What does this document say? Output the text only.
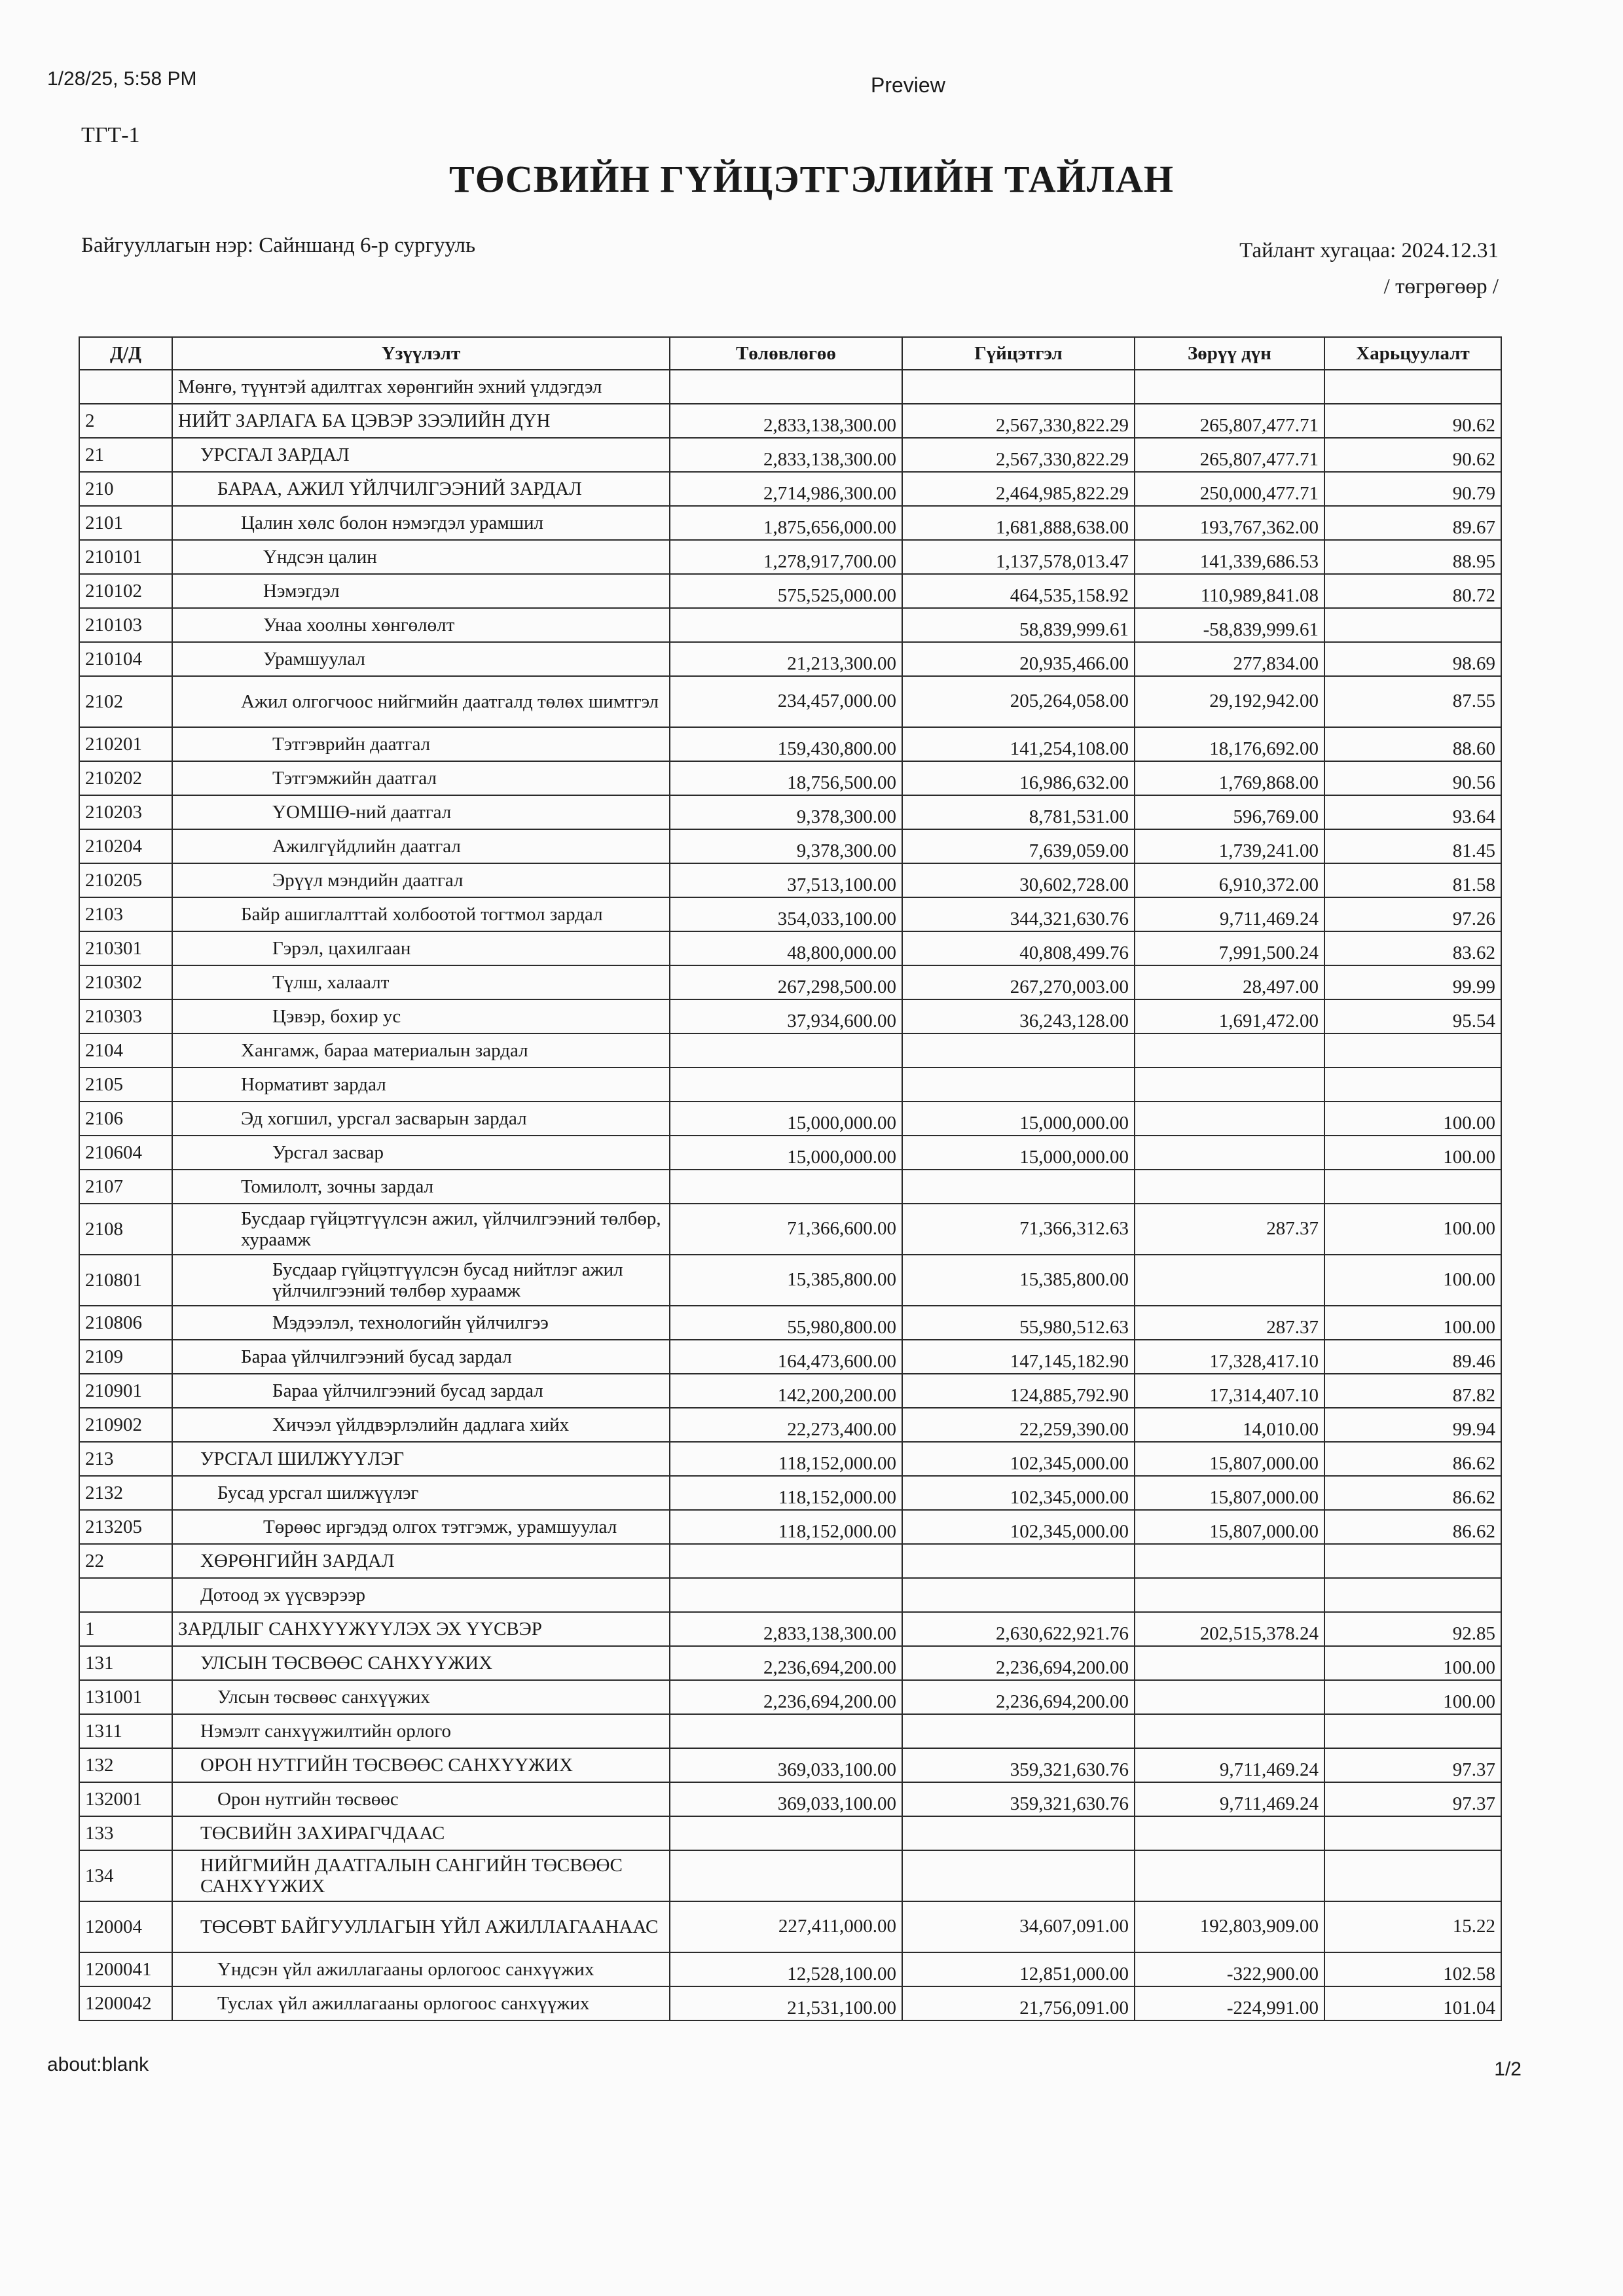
1/28/25, 5:58 PM	Preview
ТГТ-1
ТӨСВИЙН ГҮЙЦЭТГЭЛИЙН ТАЙЛАН
Байгууллагын нэр: Сайншанд 6-р сургууль	Тайлант хугацаа: 2024.12.31
/ төгрөгөөр /
Д/Д	Үзүүлэлт	Төлөвлөгөө	Гүйцэтгэл	Зөрүү дүн	Харьцуулалт
	Мөнгө, түүнтэй адилтгах хөрөнгийн эхний үлдэгдэл				
2	НИЙТ ЗАРЛАГА БА ЦЭВЭР ЗЭЭЛИЙН ДҮН	2,833,138,300.00	2,567,330,822.29	265,807,477.71	90.62
21	УРСГАЛ ЗАРДАЛ	2,833,138,300.00	2,567,330,822.29	265,807,477.71	90.62
210	БАРАА, АЖИЛ ҮЙЛЧИЛГЭЭНИЙ ЗАРДАЛ	2,714,986,300.00	2,464,985,822.29	250,000,477.71	90.79
2101	Цалин хөлс болон нэмэгдэл урамшил	1,875,656,000.00	1,681,888,638.00	193,767,362.00	89.67
210101	Үндсэн цалин	1,278,917,700.00	1,137,578,013.47	141,339,686.53	88.95
210102	Нэмэгдэл	575,525,000.00	464,535,158.92	110,989,841.08	80.72
210103	Унаа хоолны хөнгөлөлт		58,839,999.61	-58,839,999.61	
210104	Урамшуулал	21,213,300.00	20,935,466.00	277,834.00	98.69
2102	Ажил олгогчоос нийгмийн даатгалд төлөх шимтгэл	234,457,000.00	205,264,058.00	29,192,942.00	87.55
210201	Тэтгэврийн даатгал	159,430,800.00	141,254,108.00	18,176,692.00	88.60
210202	Тэтгэмжийн даатгал	18,756,500.00	16,986,632.00	1,769,868.00	90.56
210203	ҮОМШӨ-ний даатгал	9,378,300.00	8,781,531.00	596,769.00	93.64
210204	Ажилгүйдлийн даатгал	9,378,300.00	7,639,059.00	1,739,241.00	81.45
210205	Эрүүл мэндийн даатгал	37,513,100.00	30,602,728.00	6,910,372.00	81.58
2103	Байр ашиглалттай холбоотой тогтмол зардал	354,033,100.00	344,321,630.76	9,711,469.24	97.26
210301	Гэрэл, цахилгаан	48,800,000.00	40,808,499.76	7,991,500.24	83.62
210302	Түлш, халаалт	267,298,500.00	267,270,003.00	28,497.00	99.99
210303	Цэвэр, бохир ус	37,934,600.00	36,243,128.00	1,691,472.00	95.54
2104	Хангамж, бараа материалын зардал				
2105	Нормативт зардал				
2106	Эд хогшил, урсгал засварын зардал	15,000,000.00	15,000,000.00		100.00
210604	Урсгал засвар	15,000,000.00	15,000,000.00		100.00
2107	Томилолт, зочны зардал				
2108	Бусдаар гүйцэтгүүлсэн ажил, үйлчилгээний төлбөр, хураамж	71,366,600.00	71,366,312.63	287.37	100.00
210801	Бусдаар гүйцэтгүүлсэн бусад нийтлэг ажил үйлчилгээний төлбөр хураамж	15,385,800.00	15,385,800.00		100.00
210806	Мэдээлэл, технологийн үйлчилгээ	55,980,800.00	55,980,512.63	287.37	100.00
2109	Бараа үйлчилгээний бусад зардал	164,473,600.00	147,145,182.90	17,328,417.10	89.46
210901	Бараа үйлчилгээний бусад зардал	142,200,200.00	124,885,792.90	17,314,407.10	87.82
210902	Хичээл үйлдвэрлэлийн дадлага хийх	22,273,400.00	22,259,390.00	14,010.00	99.94
213	УРСГАЛ ШИЛЖҮҮЛЭГ	118,152,000.00	102,345,000.00	15,807,000.00	86.62
2132	Бусад урсгал шилжүүлэг	118,152,000.00	102,345,000.00	15,807,000.00	86.62
213205	Төрөөс иргэдэд олгох тэтгэмж, урамшуулал	118,152,000.00	102,345,000.00	15,807,000.00	86.62
22	ХӨРӨНГИЙН ЗАРДАЛ				
	Дотоод эх үүсвэрээр				
1	ЗАРДЛЫГ САНХҮҮЖҮҮЛЭХ ЭХ ҮҮСВЭР	2,833,138,300.00	2,630,622,921.76	202,515,378.24	92.85
131	УЛСЫН ТӨСВӨӨС САНХҮҮЖИХ	2,236,694,200.00	2,236,694,200.00		100.00
131001	Улсын төсвөөс санхүүжих	2,236,694,200.00	2,236,694,200.00		100.00
1311	Нэмэлт санхүүжилтийн орлого				
132	ОРОН НУТГИЙН ТӨСВӨӨС САНХҮҮЖИХ	369,033,100.00	359,321,630.76	9,711,469.24	97.37
132001	Орон нутгийн төсвөөс	369,033,100.00	359,321,630.76	9,711,469.24	97.37
133	ТӨСВИЙН ЗАХИРАГЧДААС				
134	НИЙГМИЙН ДААТГАЛЫН САНГИЙН ТӨСВӨӨС САНХҮҮЖИХ				
120004	ТӨСӨВТ БАЙГУУЛЛАГЫН ҮЙЛ АЖИЛЛАГААНААС	227,411,000.00	34,607,091.00	192,803,909.00	15.22
1200041	Үндсэн үйл ажиллагааны орлогоос санхүүжих	12,528,100.00	12,851,000.00	-322,900.00	102.58
1200042	Туслах үйл ажиллагааны орлогоос санхүүжих	21,531,100.00	21,756,091.00	-224,991.00	101.04
about:blank	1/2
